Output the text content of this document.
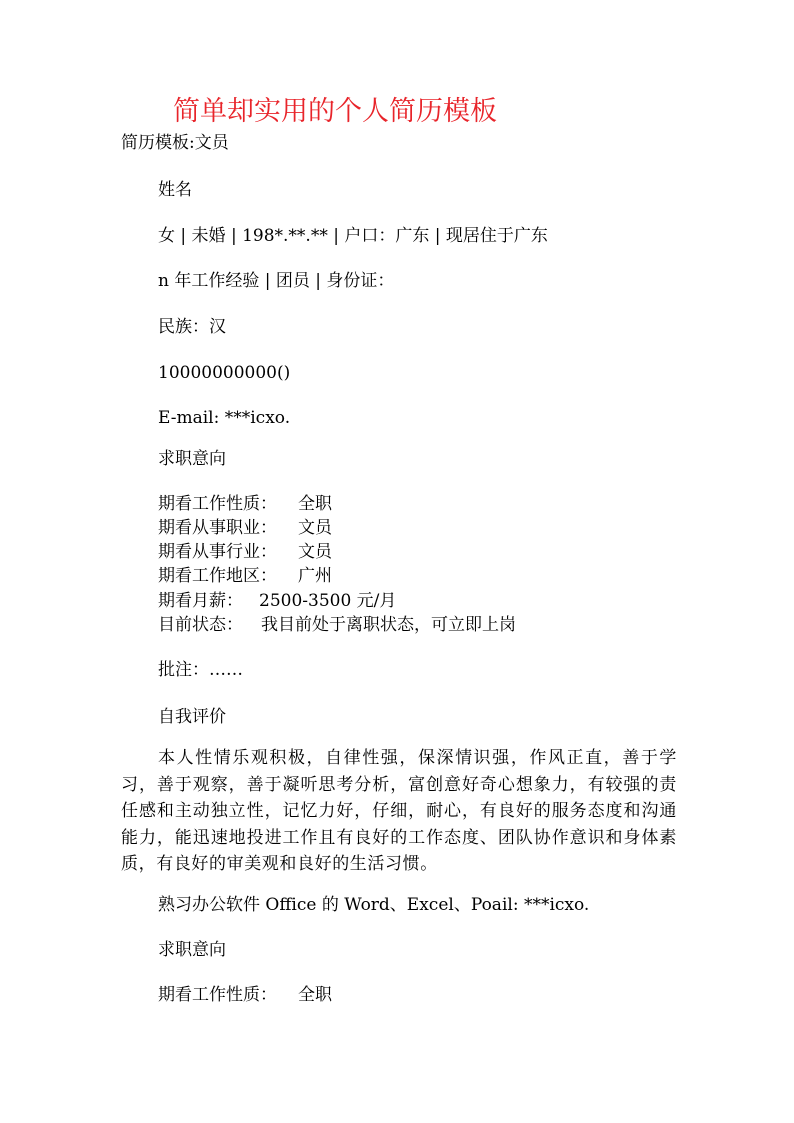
简单却实用的个人简历模板
简历模板:文员
姓名
女 | 未婚 | 198*.**.** | 户口：广东 | 现居住于广东
n 年工作经验 | 团员 | 身份证：
民族：汉
10000000000()
E-mail: ***icxo.
求职意向
期看工作性质： 全职
期看从事职业： 文员
期看从事行业： 文员
期看工作地区： 广州
期看月薪： 2500-3500 元/月
目前状态： 我目前处于离职状态，可立即上岗
批注：……
自我评价
本人性情乐观积极，自律性强，保深情识强，作风正直，善于学习，善于观察，善于凝听思考分析，富创意好奇心想象力，有较强的责任感和主动独立性，记忆力好，仔细，耐心，有良好的服务态度和沟通能力，能迅速地投进工作且有良好的工作态度、团队协作意识和身体素质，有良好的审美观和良好的生活习惯。
熟习办公软件 Office 的 Word、Excel、Poail: ***icxo.
求职意向
期看工作性质： 全职
